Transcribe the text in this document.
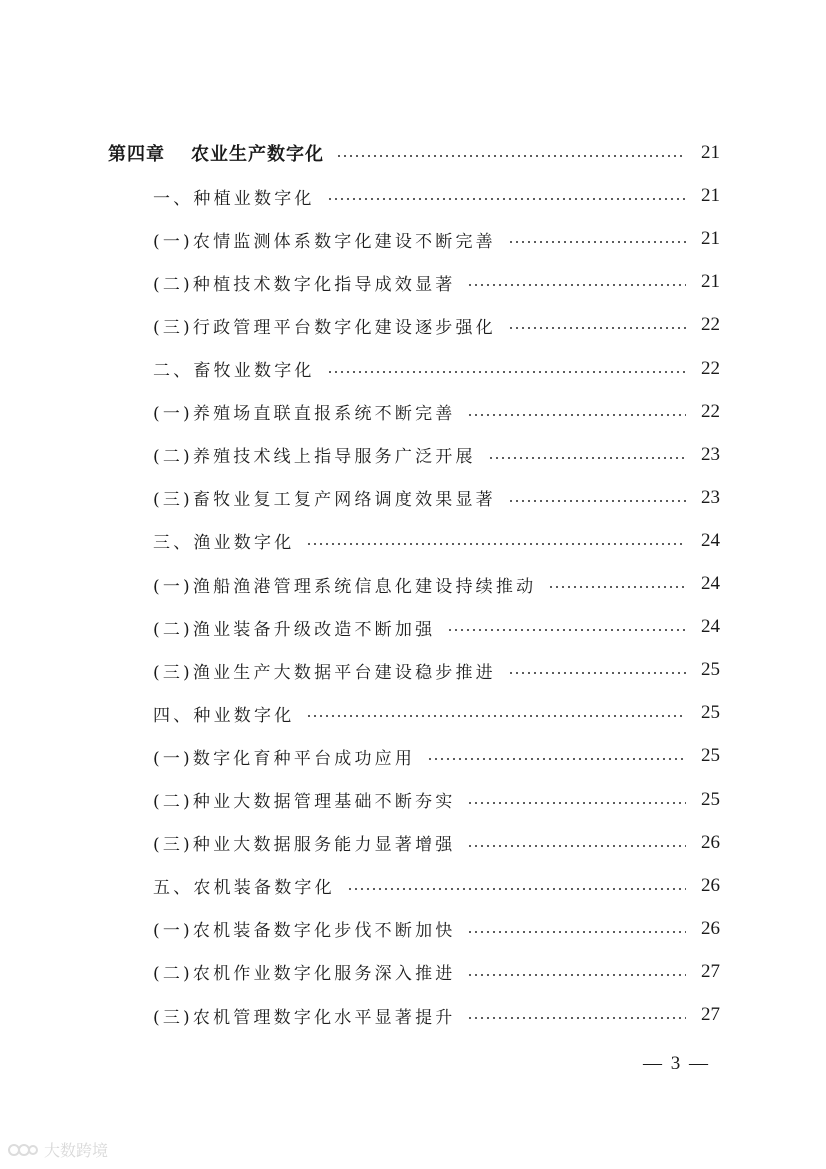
第四章 农业生产数字化	21
一、种植业数字化	21
(一)农情监测体系数字化建设不断完善	21
(二)种植技术数字化指导成效显著	21
(三)行政管理平台数字化建设逐步强化	22
二、畜牧业数字化	22
(一)养殖场直联直报系统不断完善	22
(二)养殖技术线上指导服务广泛开展	23
(三)畜牧业复工复产网络调度效果显著	23
三、渔业数字化	24
(一)渔船渔港管理系统信息化建设持续推动	24
(二)渔业装备升级改造不断加强	24
(三)渔业生产大数据平台建设稳步推进	25
四、种业数字化	25
(一)数字化育种平台成功应用	25
(二)种业大数据管理基础不断夯实	25
(三)种业大数据服务能力显著增强	26
五、农机装备数字化	26
(一)农机装备数字化步伐不断加快	26
(二)农机作业数字化服务深入推进	27
(三)农机管理数字化水平显著提升	27
— 3 —
大数跨境
